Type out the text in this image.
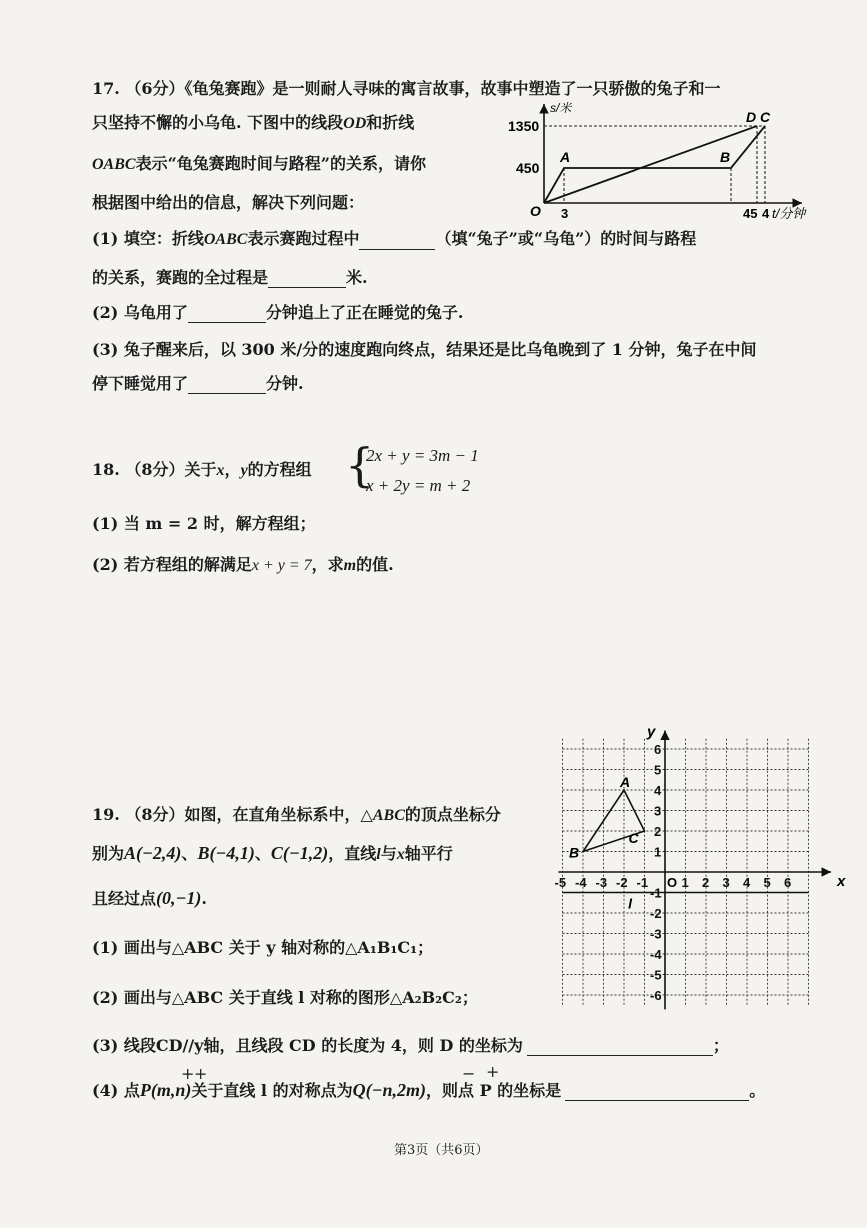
17. （6分）《龟兔赛跑》是一则耐人寻味的寓言故事，故事中塑造了一只骄傲的兔子和一
只坚持不懈的小乌龟. 下图中的线段OD和折线
OABC表示“龟兔赛跑时间与路程”的关系，请你
根据图中给出的信息，解决下列问题：
s/米
1350
450
O 3	45 4 t/分钟
A	B
D C
(1) 填空：折线OABC表示赛跑过程中	（填“兔子”或“乌龟”）的时间与路程
的关系，赛跑的全过程是	米.
(2) 乌龟用了	分钟追上了正在睡觉的兔子.
(3) 兔子醒来后，以 300 米/分的速度跑向终点，结果还是比乌龟晚到了 1 分钟，兔子在中间
停下睡觉用了	分钟.
18. （8分）关于x，y的方程组 {
2x + y = 3m − 1
x + 2y = m + 2
(1) 当 m = 2 时，解方程组；
(2) 若方程组的解满足x + y = 7，求m的值.
19. （8分）如图，在直角坐标系中，△ABC的顶点坐标分
别为A(−2,4)、B(−4,1)、C(−1,2)，直线l与x轴平行
且经过点(0,−1).
(1) 画出与△ABC 关于 y 轴对称的△A₁B₁C₁；
(2) 画出与△ABC 关于直线 l 对称的图形△A₂B₂C₂；
(3) 线段CD//y轴，且线段 CD 的长度为 4，则 D 的坐标为	；
+ +	− +
(4) 点P(m,n)关于直线 l 的对称点为Q(−n,2m)，则点 P 的坐标是	。
-5 -4 -3 -2 -1	1 2 3 4 5 6
6
5
4
3
2
1
-1
-2
-3
-4
-5
-6
x
y
O
A
B
C
l
第3页（共6页）
